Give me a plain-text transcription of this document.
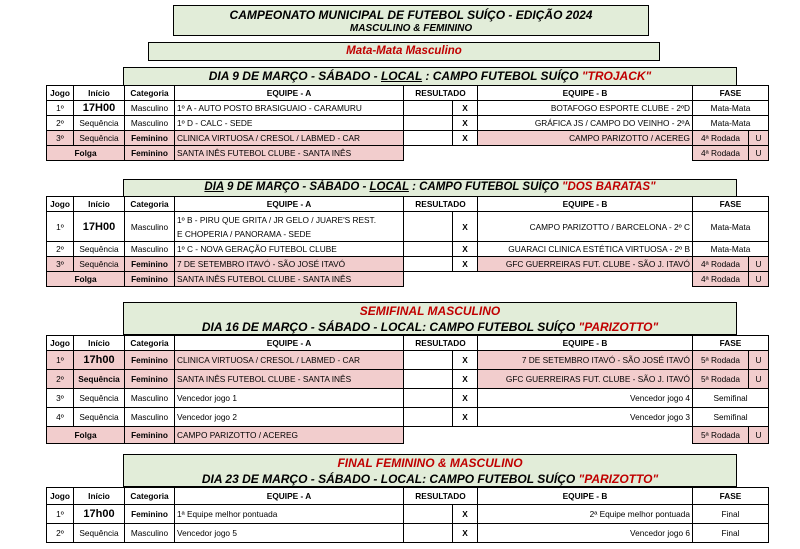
CAMPEONATO MUNICIPAL DE FUTEBOL SUÍÇO - EDIÇÃO 2024
MASCULINO & FEMININO
Mata-Mata Masculino
DIA 9 DE MARÇO - SÁBADO - LOCAL : CAMPO FUTEBOL SUÍÇO "TROJACK"
Jogo	Início	Categoria	EQUIPE - A	RESULTADO		EQUIPE - B	FASE	
1º	17H00	Masculino	1º A - AUTO POSTO BRASIGUAIO - CARAMURU		X	BOTAFOGO ESPORTE CLUBE - 2ºD	Mata-Mata	
2º	Sequência	Masculino	1º D - CALC - SEDE		X	GRÁFICA JS / CAMPO DO VEINHO - 2ºA	Mata-Mata	
3º	Sequência	Feminino	CLINICA VIRTUOSA / CRESOL / LABMED - CAR		X	CAMPO PARIZOTTO / ACEREG	4ª Rodada	U
Folga		Feminino	SANTA INÊS FUTEBOL CLUBE - SANTA INÊS				4ª Rodada	U
DIA 9 DE MARÇO - SÁBADO - LOCAL : CAMPO FUTEBOL SUÍÇO "DOS BARATAS"
Jogo	Início	Categoria	EQUIPE - A	RESULTADO		EQUIPE - B	FASE	
1º	17H00	Masculino	1º B - PIRU QUE GRITA / JR GELO / JUARE'S REST.
E CHOPERIA / PANORAMA - SEDE		X	CAMPO PARIZOTTO / BARCELONA - 2º C	Mata-Mata	
2º	Sequência	Masculino	1º C - NOVA GERAÇÃO FUTEBOL CLUBE		X	GUARACI CLINICA ESTÉTICA VIRTUOSA - 2º B	Mata-Mata	
3º	Sequência	Feminino	7 DE SETEMBRO ITAVÓ - SÃO JOSÉ ITAVÓ		X	GFC GUERREIRAS FUT. CLUBE - SÃO J. ITAVÓ	4ª Rodada	U
Folga		Feminino	SANTA INÊS FUTEBOL CLUBE - SANTA INÊS				4ª Rodada	U
SEMIFINAL MASCULINO
DIA 16 DE MARÇO - SÁBADO - LOCAL: CAMPO FUTEBOL SUÍÇO "PARIZOTTO"
Jogo	Início	Categoria	EQUIPE - A	RESULTADO		EQUIPE - B	FASE	
1º	17h00	Feminino	CLINICA VIRTUOSA / CRESOL / LABMED - CAR		X	7 DE SETEMBRO ITAVÓ - SÃO JOSÉ ITAVÓ	5ª Rodada	U
2º	Sequência	Feminino	SANTA INÊS FUTEBOL CLUBE - SANTA INÊS		X	GFC GUERREIRAS FUT. CLUBE - SÃO J. ITAVÓ	5ª Rodada	U
3º	Sequência	Masculino	Vencedor jogo 1		X	Vencedor jogo 4	Semifinal	
4º	Sequência	Masculino	Vencedor jogo 2		X	Vencedor jogo 3	Semifinal	
Folga		Feminino	CAMPO PARIZOTTO / ACEREG				5ª Rodada	U
FINAL FEMININO & MASCULINO
DIA 23 DE MARÇO - SÁBADO - LOCAL: CAMPO FUTEBOL SUÍÇO "PARIZOTTO"
Jogo	Início	Categoria	EQUIPE - A	RESULTADO		EQUIPE - B	FASE
1º	17h00	Feminino	1ª Equipe melhor pontuada		X	2ª Equipe melhor pontuada	Final
2º	Sequência	Masculino	Vencedor jogo 5		X	Vencedor jogo 6	Final
